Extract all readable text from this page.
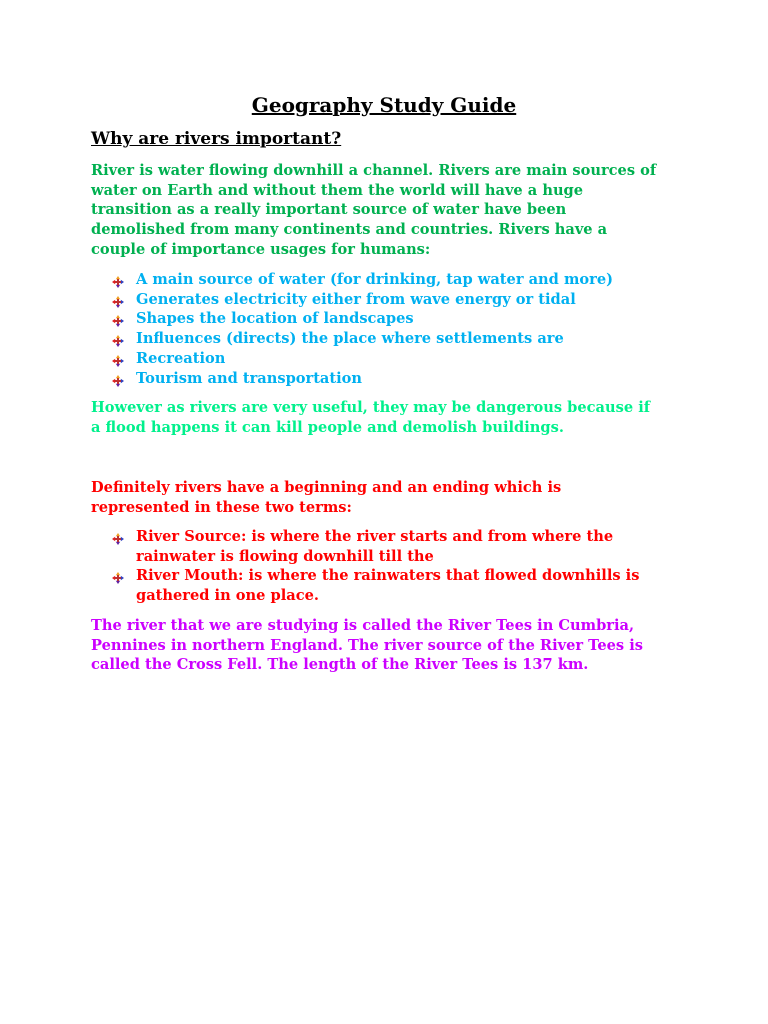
Geography Study Guide
Why are rivers important?

River is water flowing downhill a channel. Rivers are main sources of
water on Earth and without them the world will have a huge
transition as a really important source of water have been
demolished from many continents and countries. Rivers have a
couple of importance usages for humans:

A main source of water (for drinking, tap water and more)
Generates electricity either from wave energy or tidal
Shapes the location of landscapes
Influences (directs) the place where settlements are
Recreation
Tourism and transportation

However as rivers are very useful, they may be dangerous because if
a flood happens it can kill people and demolish buildings.

Definitely rivers have a beginning and an ending which is
represented in these two terms:

River Source: is where the river starts and from where the
rainwater is flowing downhill till the
River Mouth: is where the rainwaters that flowed downhills is
gathered in one place.

The river that we are studying is called the River Tees in Cumbria,
Pennines in northern England. The river source of the River Tees is
called the Cross Fell. The length of the River Tees is 137 km.
